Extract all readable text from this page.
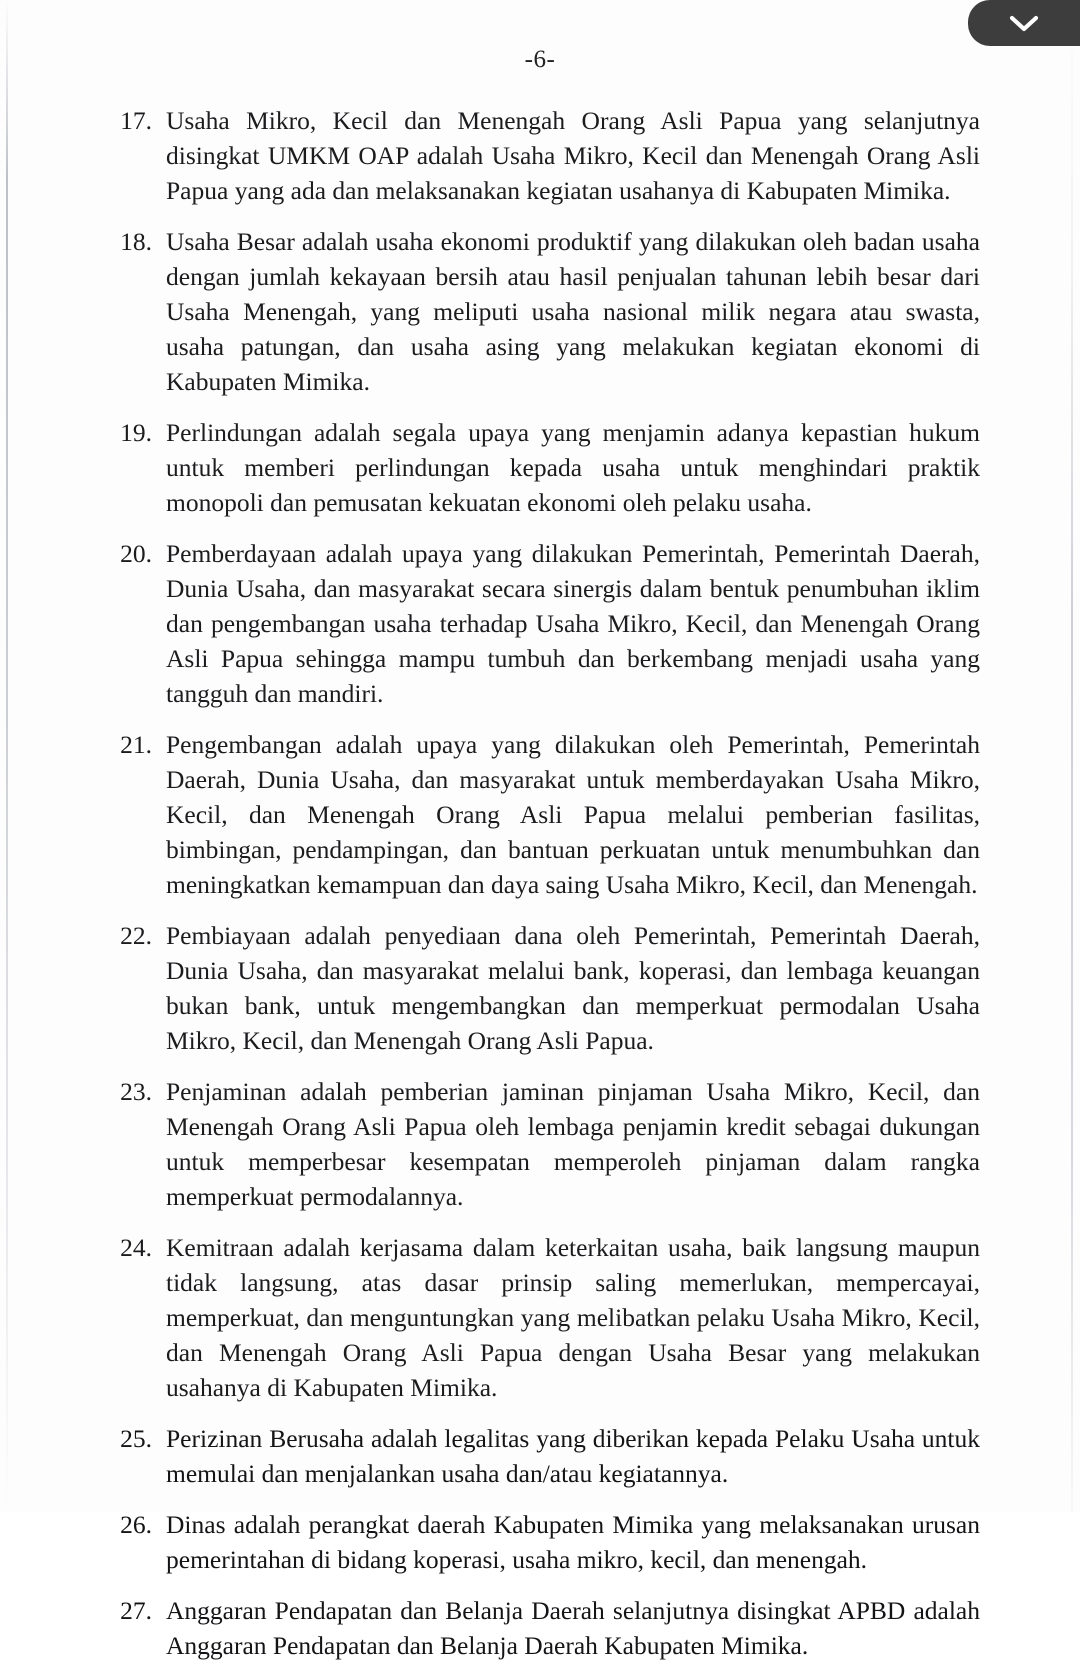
-6-
17. Usaha Mikro, Kecil dan Menengah Orang Asli Papua yang selanjutnya disingkat UMKM OAP adalah Usaha Mikro, Kecil dan Menengah Orang Asli Papua yang ada dan melaksanakan kegiatan usahanya di Kabupaten Mimika.
18. Usaha Besar adalah usaha ekonomi produktif yang dilakukan oleh badan usaha dengan jumlah kekayaan bersih atau hasil penjualan tahunan lebih besar dari Usaha Menengah, yang meliputi usaha nasional milik negara atau swasta, usaha patungan, dan usaha asing yang melakukan kegiatan ekonomi di Kabupaten Mimika.
19. Perlindungan adalah segala upaya yang menjamin adanya kepastian hukum untuk memberi perlindungan kepada usaha untuk menghindari praktik monopoli dan pemusatan kekuatan ekonomi oleh pelaku usaha.
20. Pemberdayaan adalah upaya yang dilakukan Pemerintah, Pemerintah Daerah, Dunia Usaha, dan masyarakat secara sinergis dalam bentuk penumbuhan iklim dan pengembangan usaha terhadap Usaha Mikro, Kecil, dan Menengah Orang Asli Papua sehingga mampu tumbuh dan berkembang menjadi usaha yang tangguh dan mandiri.
21. Pengembangan adalah upaya yang dilakukan oleh Pemerintah, Pemerintah Daerah, Dunia Usaha, dan masyarakat untuk memberdayakan Usaha Mikro, Kecil, dan Menengah Orang Asli Papua melalui pemberian fasilitas, bimbingan, pendampingan, dan bantuan perkuatan untuk menumbuhkan dan meningkatkan kemampuan dan daya saing Usaha Mikro, Kecil, dan Menengah.
22. Pembiayaan adalah penyediaan dana oleh Pemerintah, Pemerintah Daerah, Dunia Usaha, dan masyarakat melalui bank, koperasi, dan lembaga keuangan bukan bank, untuk mengembangkan dan memperkuat permodalan Usaha Mikro, Kecil, dan Menengah Orang Asli Papua.
23. Penjaminan adalah pemberian jaminan pinjaman Usaha Mikro, Kecil, dan Menengah Orang Asli Papua oleh lembaga penjamin kredit sebagai dukungan untuk memperbesar kesempatan memperoleh pinjaman dalam rangka memperkuat permodalannya.
24. Kemitraan adalah kerjasama dalam keterkaitan usaha, baik langsung maupun tidak langsung, atas dasar prinsip saling memerlukan, mempercayai, memperkuat, dan menguntungkan yang melibatkan pelaku Usaha Mikro, Kecil, dan Menengah Orang Asli Papua dengan Usaha Besar yang melakukan usahanya di Kabupaten Mimika.
25. Perizinan Berusaha adalah legalitas yang diberikan kepada Pelaku Usaha untuk memulai dan menjalankan usaha dan/atau kegiatannya.
26. Dinas adalah perangkat daerah Kabupaten Mimika yang melaksanakan urusan pemerintahan di bidang koperasi, usaha mikro, kecil, dan menengah.
27. Anggaran Pendapatan dan Belanja Daerah selanjutnya disingkat APBD adalah Anggaran Pendapatan dan Belanja Daerah Kabupaten Mimika.
